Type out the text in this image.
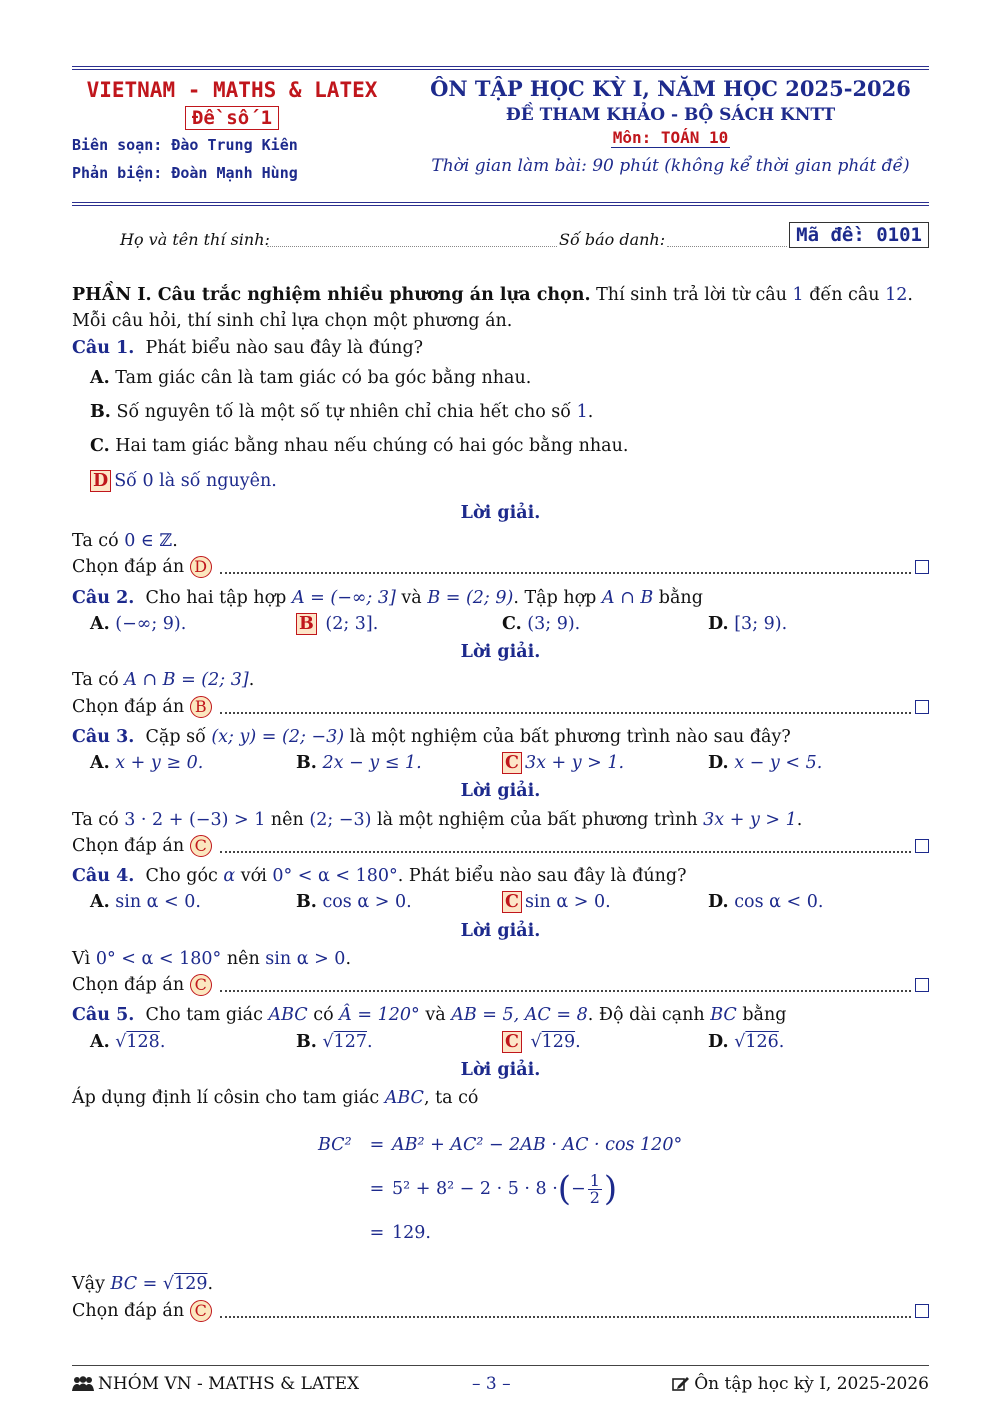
VIETNAM - MATHS & LATEX
Đề số 1
Biên soạn: Đào Trung Kiên
Phản biện: Đoàn Mạnh Hùng
ÔN TẬP HỌC KỲ I, NĂM HỌC 2025-2026
ĐỀ THAM KHẢO - BỘ SÁCH KNTT
Môn: TOÁN 10
Thời gian làm bài: 90 phút (không kể thời gian phát đề)
Họ và tên thí sinh:	Số báo danh:	Mã đề: 0101

PHẦN I. Câu trắc nghiệm nhiều phương án lựa chọn. Thí sinh trả lời từ câu 1 đến câu 12. Mỗi câu hỏi, thí sinh chỉ lựa chọn một phương án.

Câu 1. Phát biểu nào sau đây là đúng?

A. Tam giác cân là tam giác có ba góc bằng nhau.
B. Số nguyên tố là một số tự nhiên chỉ chia hết cho số 1.
C. Hai tam giác bằng nhau nếu chúng có hai góc bằng nhau.
D Số 0 là số nguyên.
Lời giải.

Ta có 0 ∈ ℤ.

Chọn đáp án
D

Câu 2. Cho hai tập hợp A = (−∞; 3] và B = (2; 9). Tập hợp A ∩ B bằng

A. (−∞; 9).	B (2; 3].	C. (3; 9).	D. [3; 9).
Lời giải.

Ta có A ∩ B = (2; 3].

Chọn đáp án
B

Câu 3. Cặp số (x; y) = (2; −3) là một nghiệm của bất phương trình nào sau đây?

A. x + y ≥ 0.	B. 2x − y ≤ 1.	C 3x + y > 1.	D. x − y < 5.
Lời giải.

Ta có 3 · 2 + (−3) > 1 nên (2; −3) là một nghiệm của bất phương trình 3x + y > 1.

Chọn đáp án
C

Câu 4. Cho góc α với 0° < α < 180°. Phát biểu nào sau đây là đúng?

A. sin α < 0.	B. cos α > 0.	C sin α > 0.	D. cos α < 0.
Lời giải.

Vì 0° < α < 180° nên sin α > 0.

Chọn đáp án
C

Câu 5. Cho tam giác ABC có Â = 120° và AB = 5, AC = 8. Độ dài cạnh BC bằng

A. √128.	B. √127.	C √129.	D. √126.
Lời giải.

Áp dụng định lí côsin cho tam giác ABC, ta có

BC²	= AB² + AC² − 2AB · AC · cos 120°
= 5² + 8² − 2 · 5 · 8 · ( − $\frac{1}{2}$ )
= 129.

Vậy BC = √129.

Chọn đáp án
C
NHÓM VN - MATHS & LATEX	– 3 –	Ôn tập học kỳ I, 2025-2026
